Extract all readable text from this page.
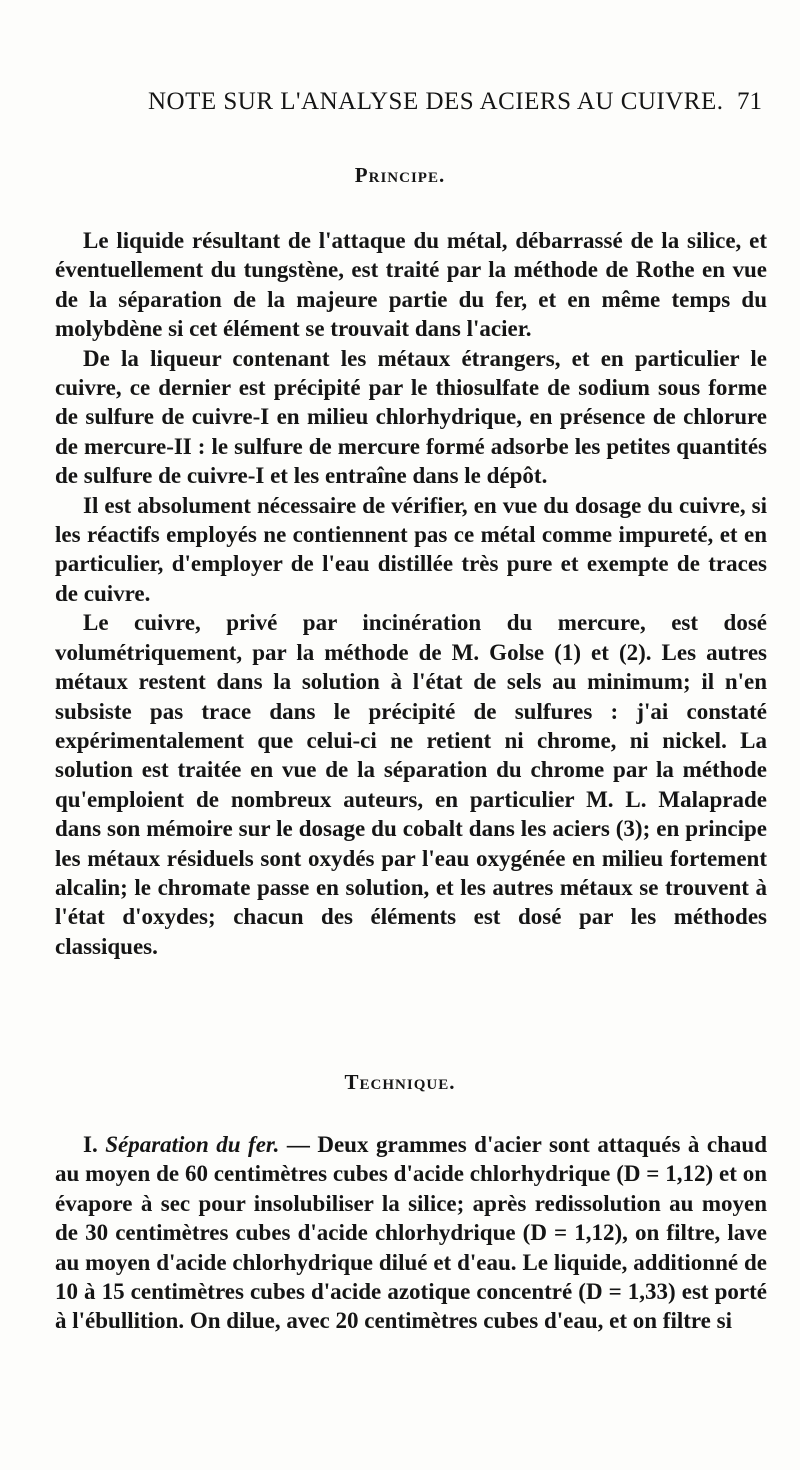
NOTE SUR L'ANALYSE DES ACIERS AU CUIVRE. 71
Principe.

Le liquide résultant de l'attaque du métal, débarrassé de la silice, et éventuellement du tungstène, est traité par la méthode de Rothe en vue de la séparation de la majeure partie du fer, et en même temps du molybdène si cet élément se trouvait dans l'acier.

De la liqueur contenant les métaux étrangers, et en particulier le cuivre, ce dernier est précipité par le thiosulfate de sodium sous forme de sulfure de cuivre-I en milieu chlorhydrique, en présence de chlorure de mercure-II : le sulfure de mercure formé adsorbe les petites quantités de sulfure de cuivre-I et les entraîne dans le dépôt.

Il est absolument nécessaire de vérifier, en vue du dosage du cuivre, si les réactifs employés ne contiennent pas ce métal comme impureté, et en particulier, d'employer de l'eau distillée très pure et exempte de traces de cuivre.

Le cuivre, privé par incinération du mercure, est dosé volumétriquement, par la méthode de M. Golse (1) et (2). Les autres métaux restent dans la solution à l'état de sels au minimum; il n'en subsiste pas trace dans le précipité de sulfures : j'ai constaté expérimentalement que celui-ci ne retient ni chrome, ni nickel. La solution est traitée en vue de la séparation du chrome par la méthode qu'emploient de nombreux auteurs, en particulier M. L. Malaprade dans son mémoire sur le dosage du cobalt dans les aciers (3); en principe les métaux résiduels sont oxydés par l'eau oxygénée en milieu fortement alcalin; le chromate passe en solution, et les autres métaux se trouvent à l'état d'oxydes; chacun des éléments est dosé par les méthodes classiques.

Technique.

I. Séparation du fer. — Deux grammes d'acier sont attaqués à chaud au moyen de 60 centimètres cubes d'acide chlorhydrique (D = 1,12) et on évapore à sec pour insolubiliser la silice; après redissolution au moyen de 30 centimètres cubes d'acide chlorhydrique (D = 1,12), on filtre, lave au moyen d'acide chlorhydrique dilué et d'eau. Le liquide, additionné de 10 à 15 centimètres cubes d'acide azotique concentré (D = 1,33) est porté à l'ébullition. On dilue, avec 20 centimètres cubes d'eau, et on filtre si
